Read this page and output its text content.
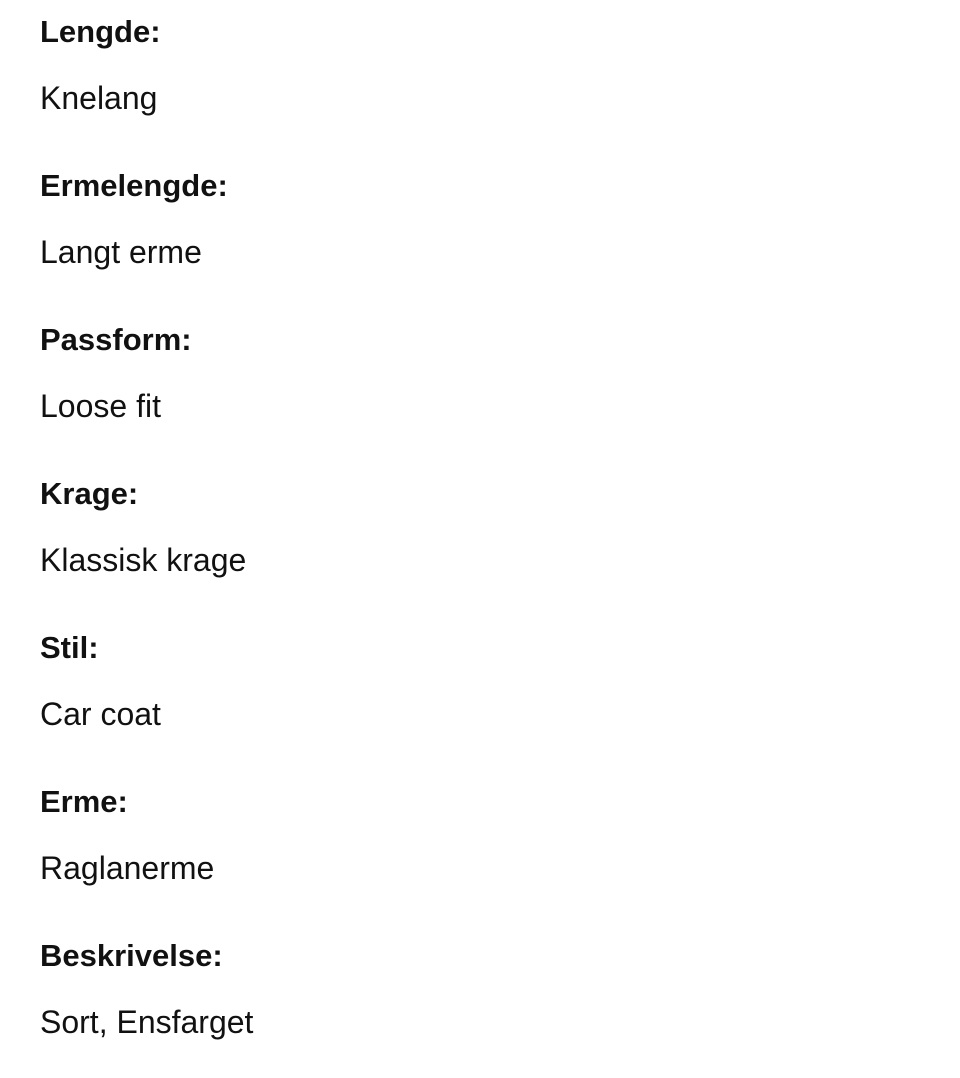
Lengde:
Knelang
Ermelengde:
Langt erme
Passform:
Loose fit
Krage:
Klassisk krage
Stil:
Car coat
Erme:
Raglanerme
Beskrivelse:
Sort, Ensfarget
